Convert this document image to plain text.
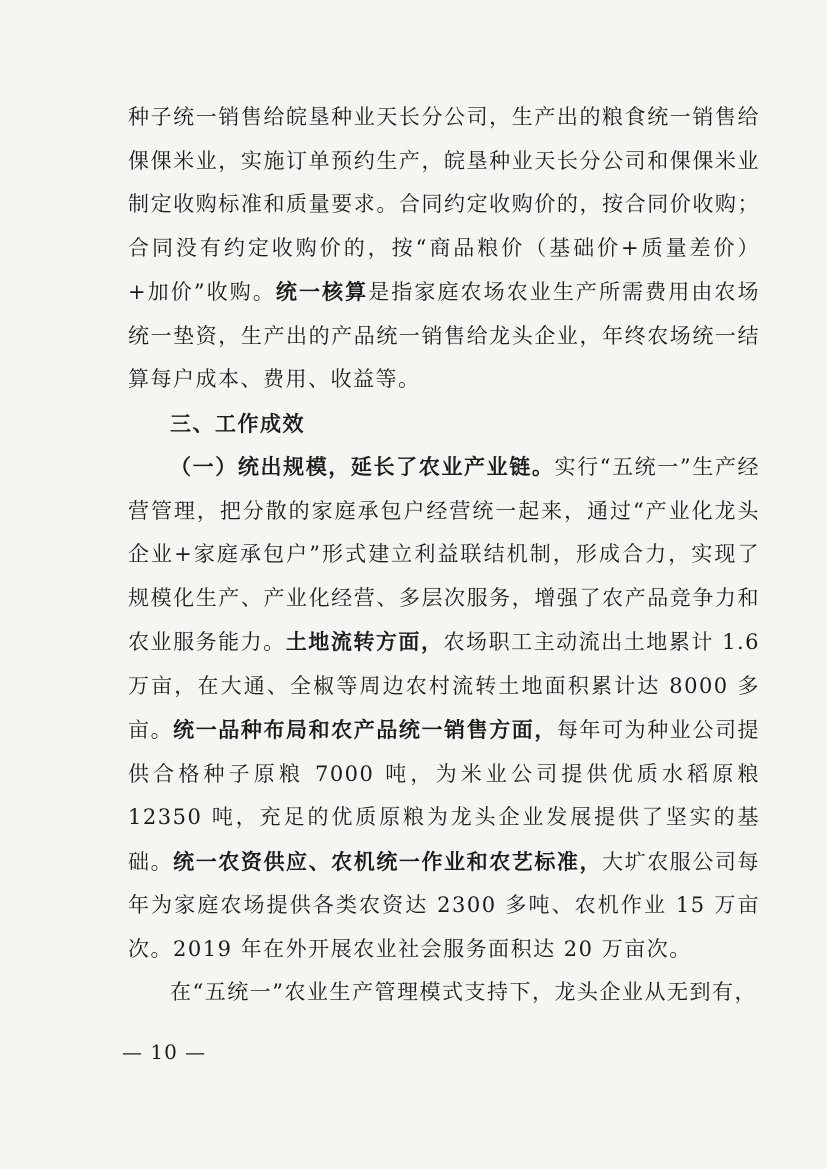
种子统一销售给皖垦种业天长分公司，生产出的粮食统一销售给倮倮米业，实施订单预约生产，皖垦种业天长分公司和倮倮米业制定收购标准和质量要求。合同约定收购价的，按合同价收购；合同没有约定收购价的，按“商品粮价（基础价+质量差价）+加价”收购。统一核算是指家庭农场农业生产所需费用由农场统一垫资，生产出的产品统一销售给龙头企业，年终农场统一结算每户成本、费用、收益等。

三、工作成效

（一）统出规模，延长了农业产业链。实行“五统一”生产经营管理，把分散的家庭承包户经营统一起来，通过“产业化龙头企业+家庭承包户”形式建立利益联结机制，形成合力，实现了规模化生产、产业化经营、多层次服务，增强了农产品竞争力和农业服务能力。土地流转方面，农场职工主动流出土地累计 1.6 万亩，在大通、全椒等周边农村流转土地面积累计达 8000 多亩。统一品种布局和农产品统一销售方面，每年可为种业公司提供合格种子原粮 7000 吨，为米业公司提供优质水稻原粮 12350 吨，充足的优质原粮为龙头企业发展提供了坚实的基础。统一农资供应、农机统一作业和农艺标准，大圹农服公司每年为家庭农场提供各类农资达 2300 多吨、农机作业 15 万亩次。2019 年在外开展农业社会服务面积达 20 万亩次。

在“五统一”农业生产管理模式支持下，龙头企业从无到有，

— 10 —
